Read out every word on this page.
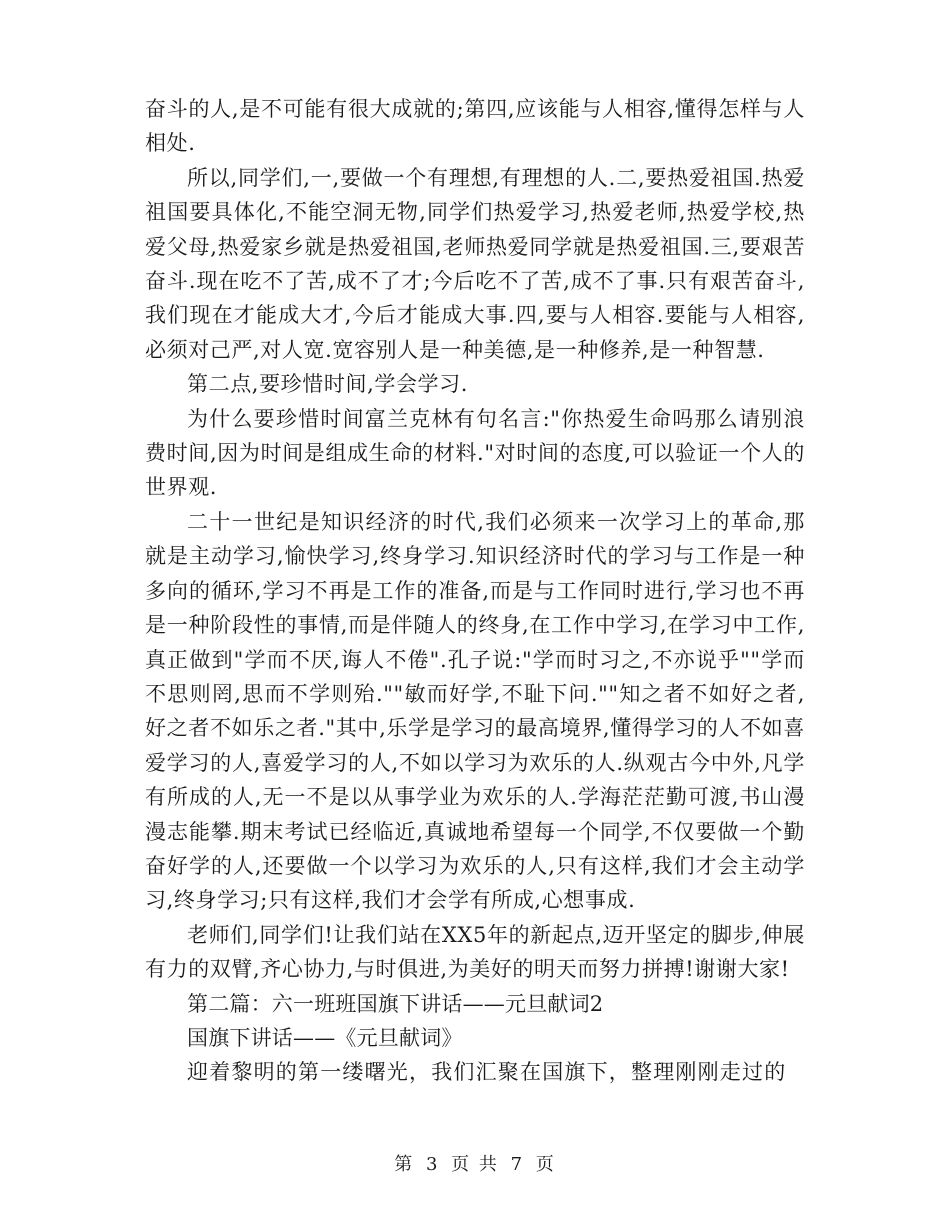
奋斗的人,是不可能有很大成就的;第四,应该能与人相容,懂得怎样与人相处.

所以,同学们,一,要做一个有理想,有理想的人.二,要热爱祖国.热爱祖国要具体化,不能空洞无物,同学们热爱学习,热爱老师,热爱学校,热爱父母,热爱家乡就是热爱祖国,老师热爱同学就是热爱祖国.三,要艰苦奋斗.现在吃不了苦,成不了才;今后吃不了苦,成不了事.只有艰苦奋斗,我们现在才能成大才,今后才能成大事.四,要与人相容.要能与人相容,必须对己严,对人宽.宽容别人是一种美德,是一种修养,是一种智慧.

第二点,要珍惜时间,学会学习.

为什么要珍惜时间富兰克林有句名言:"你热爱生命吗那么请别浪费时间,因为时间是组成生命的材料."对时间的态度,可以验证一个人的世界观.

二十一世纪是知识经济的时代,我们必须来一次学习上的革命,那就是主动学习,愉快学习,终身学习.知识经济时代的学习与工作是一种多向的循环,学习不再是工作的准备,而是与工作同时进行,学习也不再是一种阶段性的事情,而是伴随人的终身,在工作中学习,在学习中工作,真正做到"学而不厌,诲人不倦".孔子说:"学而时习之,不亦说乎""学而不思则罔,思而不学则殆.""敏而好学,不耻下问.""知之者不如好之者,好之者不如乐之者."其中,乐学是学习的最高境界,懂得学习的人不如喜爱学习的人,喜爱学习的人,不如以学习为欢乐的人.纵观古今中外,凡学有所成的人,无一不是以从事学业为欢乐的人.学海茫茫勤可渡,书山漫漫志能攀.期末考试已经临近,真诚地希望每一个同学,不仅要做一个勤奋好学的人,还要做一个以学习为欢乐的人,只有这样,我们才会主动学习,终身学习;只有这样,我们才会学有所成,心想事成.

老师们,同学们!让我们站在XX5年的新起点,迈开坚定的脚步,伸展有力的双臂,齐心协力,与时俱进,为美好的明天而努力拼搏!谢谢大家!

第二篇：六一班班国旗下讲话——元旦献词2

国旗下讲话——《元旦献词》

迎着黎明的第一缕曙光，我们汇聚在国旗下，整理刚刚走过的

第 3 页 共 7 页
